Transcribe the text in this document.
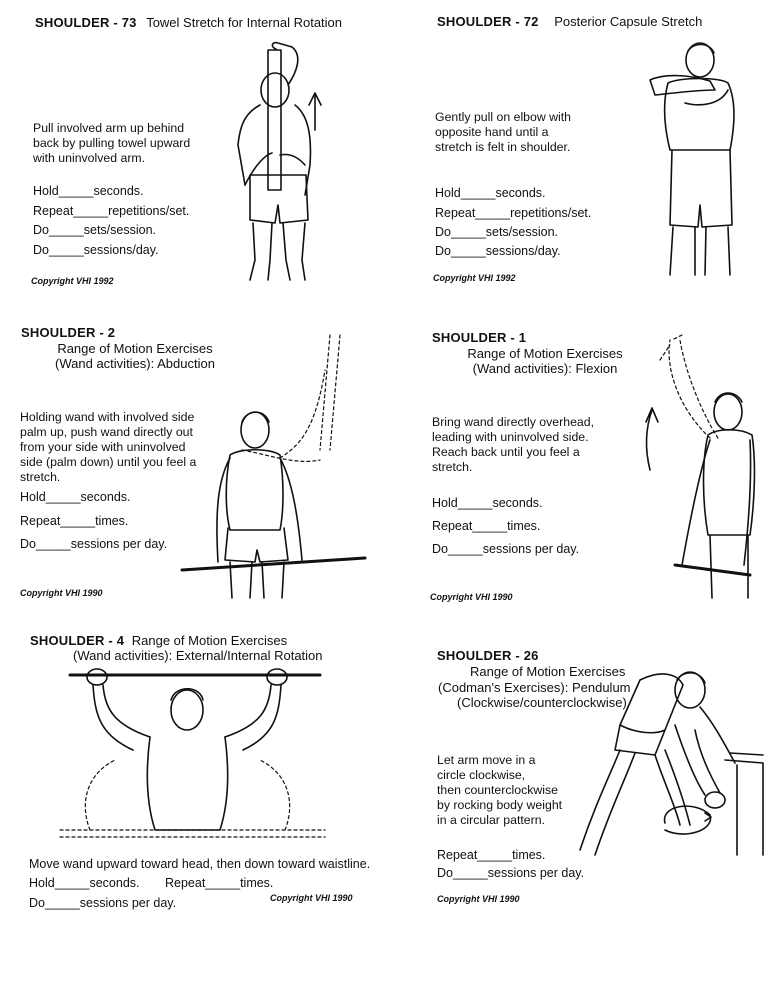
SHOULDER - 73 Towel Stretch for Internal Rotation
Pull involved arm up behind
back by pulling towel upward
with uninvolved arm.
Hold_____seconds.
Repeat_____repetitions/set.
Do_____sets/session.
Do_____sessions/day.
Copyright VHI 1992
SHOULDER - 72 Posterior Capsule Stretch
Gently pull on elbow with
opposite hand until a
stretch is felt in shoulder.
Hold_____seconds.
Repeat_____repetitions/set.
Do_____sets/session.
Do_____sessions/day.
Copyright VHI 1992
SHOULDER - 2
Range of Motion Exercises
(Wand activities): Abduction
Holding wand with involved side
palm up, push wand directly out
from your side with uninvolved
side (palm down) until you feel a
stretch.
Hold_____seconds.
Repeat_____times.
Do_____sessions per day.
Copyright VHI 1990
SHOULDER - 1
Range of Motion Exercises
(Wand activities): Flexion
Bring wand directly overhead,
leading with uninvolved side.
Reach back until you feel a
stretch.
Hold_____seconds.
Repeat_____times.
Do_____sessions per day.
Copyright VHI 1990
SHOULDER - 4 Range of Motion Exercises
(Wand activities): External/Internal Rotation
Move wand upward toward head, then down toward waistline.
Hold_____seconds. Repeat_____times.
Do_____sessions per day.	Copyright VHI 1990
SHOULDER - 26
Range of Motion Exercises
(Codman's Exercises): Pendulum
(Clockwise/counterclockwise)
Let arm move in a
circle clockwise,
then counterclockwise
by rocking body weight
in a circular pattern.
Repeat_____times.
Do_____sessions per day.
Copyright VHI 1990
